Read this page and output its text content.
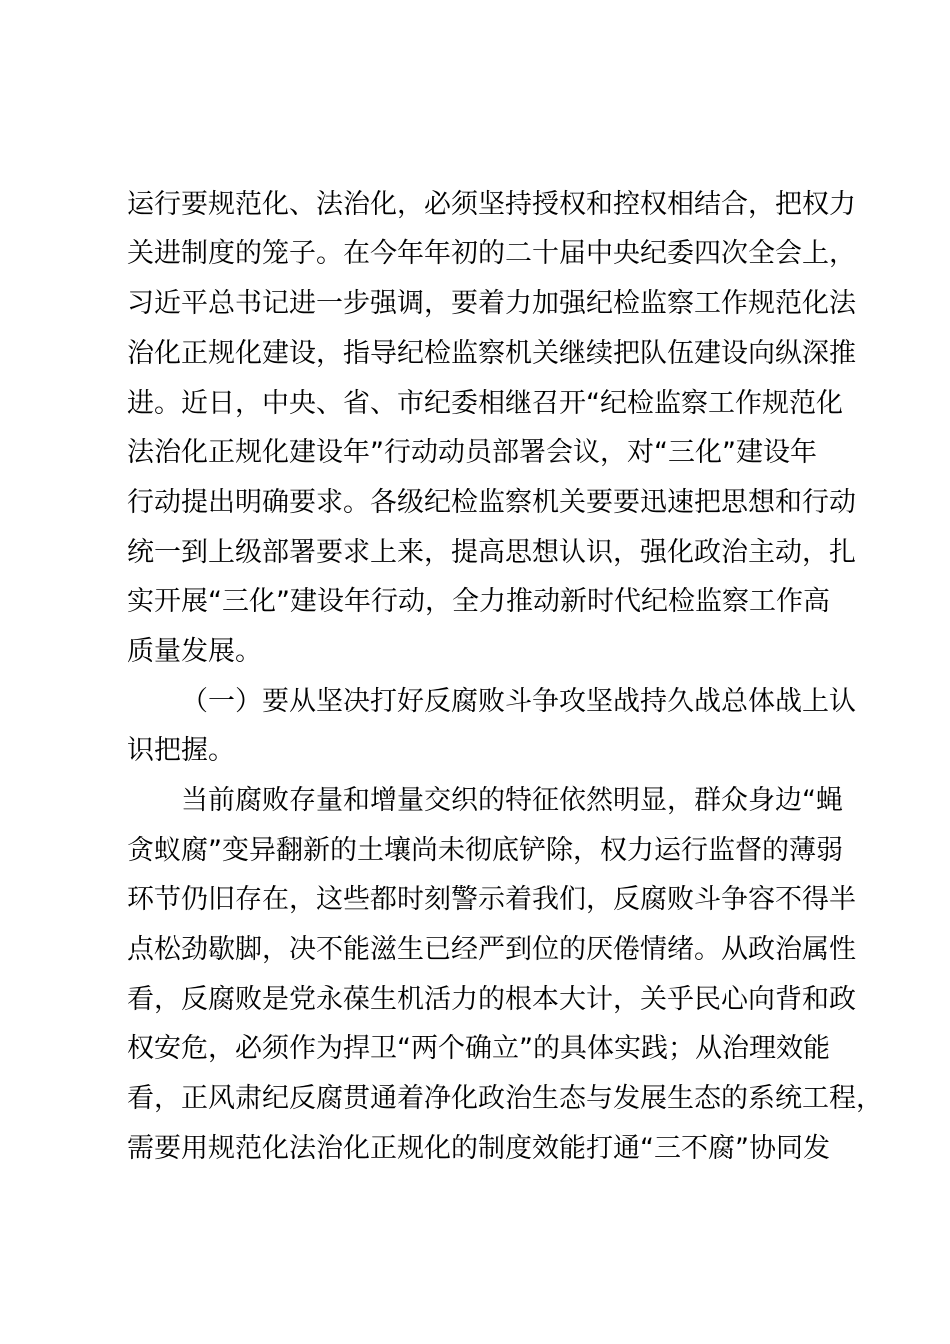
运行要规范化、法治化，必须坚持授权和控权相结合，把权力
关进制度的笼子。在今年年初的二十届中央纪委四次全会上，
习近平总书记进一步强调，要着力加强纪检监察工作规范化法
治化正规化建设，指导纪检监察机关继续把队伍建设向纵深推
进。近日，中央、省、市纪委相继召开“纪检监察工作规范化
法治化正规化建设年”行动动员部署会议，对“三化”建设年
行动提出明确要求。各级纪检监察机关要要迅速把思想和行动
统一到上级部署要求上来，提高思想认识，强化政治主动，扎
实开展“三化”建设年行动，全力推动新时代纪检监察工作高
质量发展。
（一）要从坚决打好反腐败斗争攻坚战持久战总体战上认
识把握。
当前腐败存量和增量交织的特征依然明显，群众身边“蝇
贪蚁腐”变异翻新的土壤尚未彻底铲除，权力运行监督的薄弱
环节仍旧存在，这些都时刻警示着我们，反腐败斗争容不得半
点松劲歇脚，决不能滋生已经严到位的厌倦情绪。从政治属性
看，反腐败是党永葆生机活力的根本大计，关乎民心向背和政
权安危，必须作为捍卫“两个确立”的具体实践；从治理效能
看，正风肃纪反腐贯通着净化政治生态与发展生态的系统工程，
需要用规范化法治化正规化的制度效能打通“三不腐”协同发
